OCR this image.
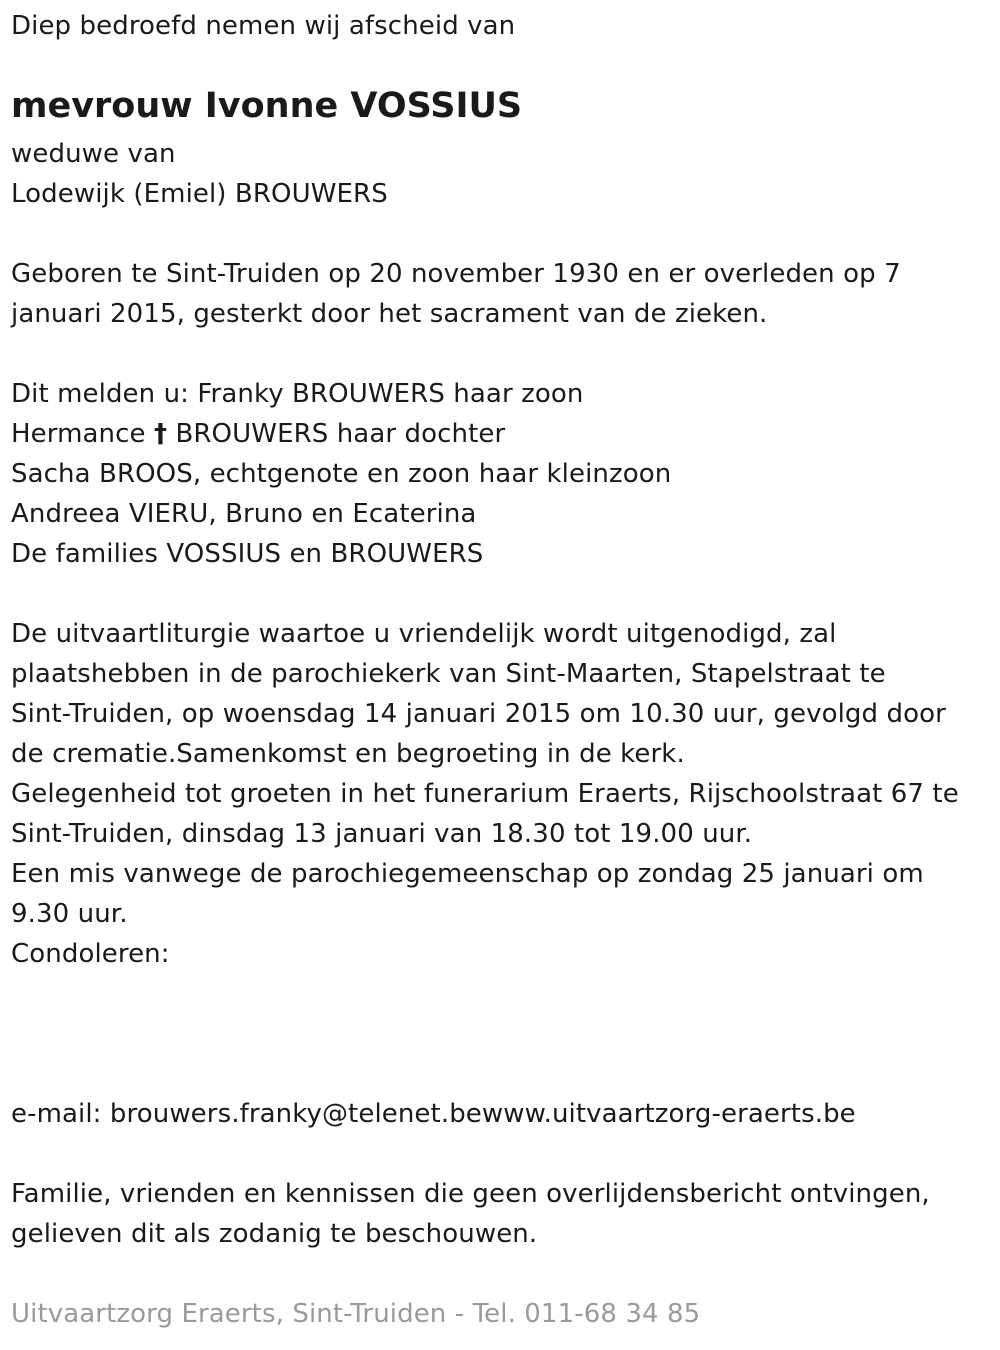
Diep bedroefd nemen wij afscheid van
mevrouw Ivonne VOSSIUS
weduwe van
Lodewijk (Emiel) BROUWERS
Geboren te Sint-Truiden op 20 november 1930 en er overleden op 7
januari 2015, gesterkt door het sacrament van de zieken.
Dit melden u: Franky BROUWERS haar zoon
Hermance † BROUWERS haar dochter
Sacha BROOS, echtgenote en zoon haar kleinzoon
Andreea VIERU, Bruno en Ecaterina
De families VOSSIUS en BROUWERS
De uitvaartliturgie waartoe u vriendelijk wordt uitgenodigd, zal
plaatshebben in de parochiekerk van Sint-Maarten, Stapelstraat te
Sint-Truiden, op woensdag 14 januari 2015 om 10.30 uur, gevolgd door
de crematie.Samenkomst en begroeting in de kerk.
Gelegenheid tot groeten in het funerarium Eraerts, Rijschoolstraat 67 te
Sint-Truiden, dinsdag 13 januari van 18.30 tot 19.00 uur.
Een mis vanwege de parochiegemeenschap op zondag 25 januari om
9.30 uur.
Condoleren:
e-mail: brouwers.franky@telenet.bewww.uitvaartzorg-eraerts.be
Familie, vrienden en kennissen die geen overlijdensbericht ontvingen,
gelieven dit als zodanig te beschouwen.
Uitvaartzorg Eraerts, Sint-Truiden - Tel. 011-68 34 85
